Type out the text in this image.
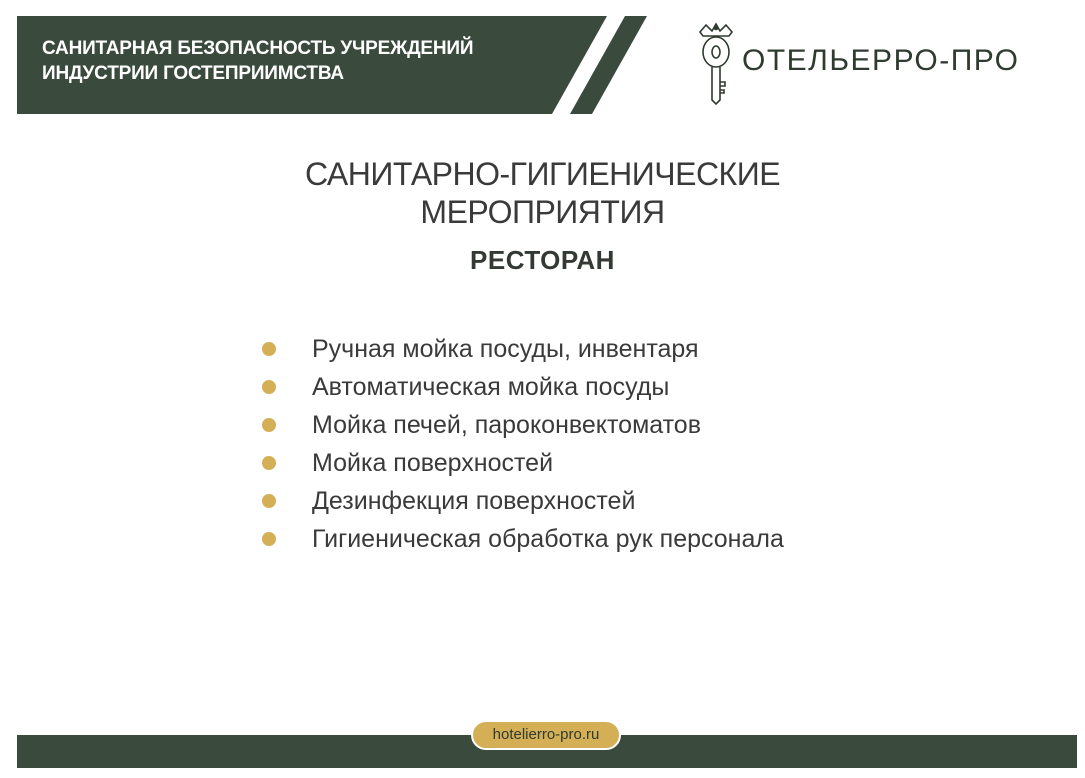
САНИТАРНАЯ БЕЗОПАСНОСТЬ УЧРЕЖДЕНИЙ
ИНДУСТРИИ ГОСТЕПРИИМСТВА	ОТЕЛЬЕРРО-ПРО
САНИТАРНО-ГИГИЕНИЧЕСКИЕ
МЕРОПРИЯТИЯ
РЕСТОРАН
Ручная мойка посуды, инвентаря
Автоматическая мойка посуды
Мойка печей, пароконвектоматов
Мойка поверхностей
Дезинфекция поверхностей
Гигиеническая обработка рук персонала
hotelierro-pro.ru
